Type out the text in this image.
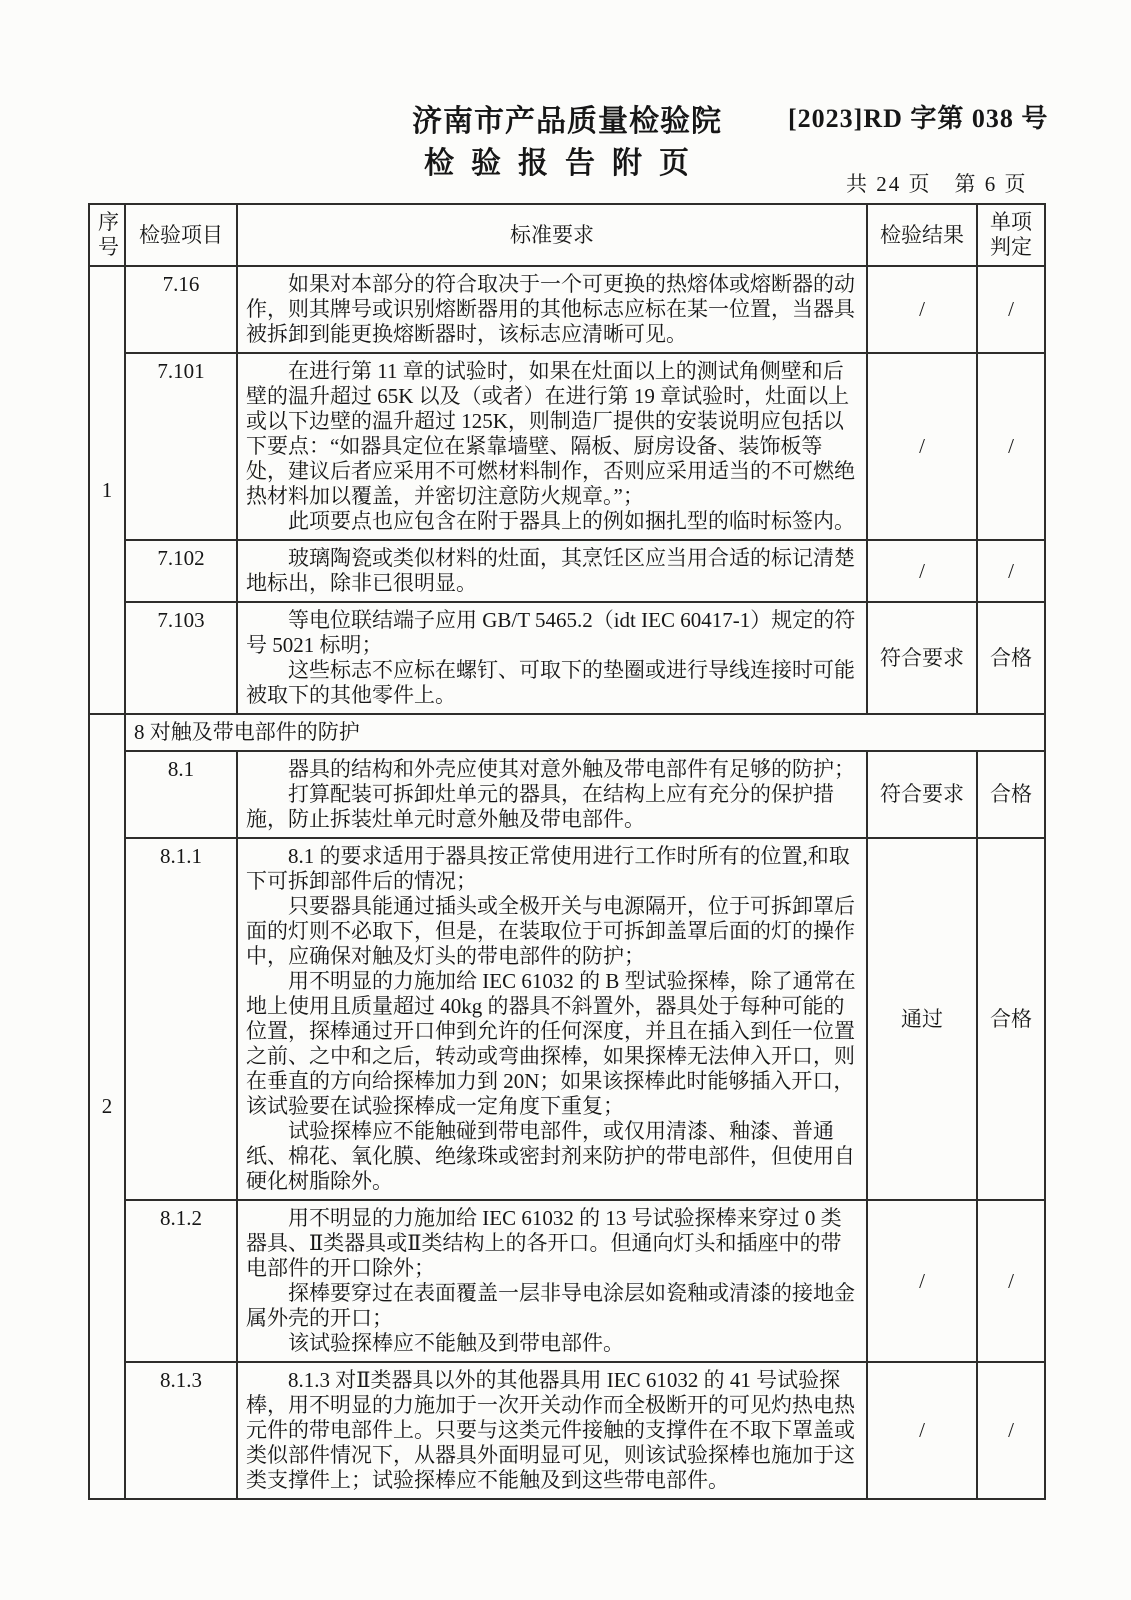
济南市产品质量检验院	[2023]RD 字第 038 号
检验报告附页
共 24 页　第 6 页
序号	检验项目	标准要求	检验结果	单项判定
1	7.16	如果对本部分的符合取决于一个可更换的热熔体或熔断器的动作，则其牌号或识别熔断器用的其他标志应标在某一位置，当器具被拆卸到能更换熔断器时，该标志应清晰可见。	/	/
	7.101	在进行第 11 章的试验时，如果在灶面以上的测试角侧壁和后壁的温升超过 65K 以及（或者）在进行第 19 章试验时，灶面以上或以下边壁的温升超过 125K，则制造厂提供的安装说明应包括以下要点：“如器具定位在紧靠墙壁、隔板、厨房设备、装饰板等处，建议后者应采用不可燃材料制作，否则应采用适当的不可燃绝热材料加以覆盖，并密切注意防火规章。”；

此项要点也应包含在附于器具上的例如捆扎型的临时标签内。	/	/
	7.102	玻璃陶瓷或类似材料的灶面，其烹饪区应当用合适的标记清楚地标出，除非已很明显。	/	/
	7.103	等电位联结端子应用 GB/T 5465.2（idt IEC 60417-1）规定的符号 5021 标明；

这些标志不应标在螺钉、可取下的垫圈或进行导线连接时可能被取下的其他零件上。	符合要求	合格
2	8 对触及带电部件的防护			
	8.1	器具的结构和外壳应使其对意外触及带电部件有足够的防护；

打算配装可拆卸灶单元的器具，在结构上应有充分的保护措施，防止拆装灶单元时意外触及带电部件。	符合要求	合格
	8.1.1	8.1 的要求适用于器具按正常使用进行工作时所有的位置,和取下可拆卸部件后的情况；

只要器具能通过插头或全极开关与电源隔开，位于可拆卸罩后面的灯则不必取下，但是，在装取位于可拆卸盖罩后面的灯的操作中，应确保对触及灯头的带电部件的防护；

用不明显的力施加给 IEC 61032 的 B 型试验探棒，除了通常在地上使用且质量超过 40kg 的器具不斜置外，器具处于每种可能的位置，探棒通过开口伸到允许的任何深度，并且在插入到任一位置之前、之中和之后，转动或弯曲探棒，如果探棒无法伸入开口，则在垂直的方向给探棒加力到 20N；如果该探棒此时能够插入开口，该试验要在试验探棒成一定角度下重复；

试验探棒应不能触碰到带电部件，或仅用清漆、釉漆、普通纸、棉花、氧化膜、绝缘珠或密封剂来防护的带电部件，但使用自硬化树脂除外。	通过	合格
	8.1.2	用不明显的力施加给 IEC 61032 的 13 号试验探棒来穿过 0 类器具、Ⅱ类器具或Ⅱ类结构上的各开口。但通向灯头和插座中的带电部件的开口除外；

探棒要穿过在表面覆盖一层非导电涂层如瓷釉或清漆的接地金属外壳的开口；

该试验探棒应不能触及到带电部件。	/	/
	8.1.3	8.1.3 对Ⅱ类器具以外的其他器具用 IEC 61032 的 41 号试验探棒，用不明显的力施加于一次开关动作而全极断开的可见灼热电热元件的带电部件上。只要与这类元件接触的支撑件在不取下罩盖或类似部件情况下，从器具外面明显可见，则该试验探棒也施加于这类支撑件上；试验探棒应不能触及到这些带电部件。	/	/
